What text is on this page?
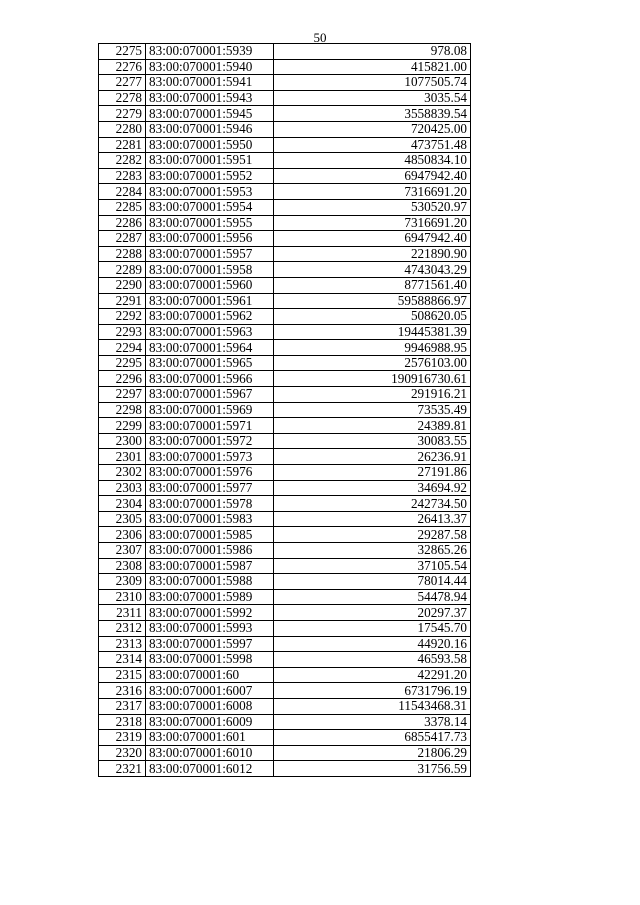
50
2275	83:00:070001:5939	978.08
2276	83:00:070001:5940	415821.00
2277	83:00:070001:5941	1077505.74
2278	83:00:070001:5943	3035.54
2279	83:00:070001:5945	3558839.54
2280	83:00:070001:5946	720425.00
2281	83:00:070001:5950	473751.48
2282	83:00:070001:5951	4850834.10
2283	83:00:070001:5952	6947942.40
2284	83:00:070001:5953	7316691.20
2285	83:00:070001:5954	530520.97
2286	83:00:070001:5955	7316691.20
2287	83:00:070001:5956	6947942.40
2288	83:00:070001:5957	221890.90
2289	83:00:070001:5958	4743043.29
2290	83:00:070001:5960	8771561.40
2291	83:00:070001:5961	59588866.97
2292	83:00:070001:5962	508620.05
2293	83:00:070001:5963	19445381.39
2294	83:00:070001:5964	9946988.95
2295	83:00:070001:5965	2576103.00
2296	83:00:070001:5966	190916730.61
2297	83:00:070001:5967	291916.21
2298	83:00:070001:5969	73535.49
2299	83:00:070001:5971	24389.81
2300	83:00:070001:5972	30083.55
2301	83:00:070001:5973	26236.91
2302	83:00:070001:5976	27191.86
2303	83:00:070001:5977	34694.92
2304	83:00:070001:5978	242734.50
2305	83:00:070001:5983	26413.37
2306	83:00:070001:5985	29287.58
2307	83:00:070001:5986	32865.26
2308	83:00:070001:5987	37105.54
2309	83:00:070001:5988	78014.44
2310	83:00:070001:5989	54478.94
2311	83:00:070001:5992	20297.37
2312	83:00:070001:5993	17545.70
2313	83:00:070001:5997	44920.16
2314	83:00:070001:5998	46593.58
2315	83:00:070001:60	42291.20
2316	83:00:070001:6007	6731796.19
2317	83:00:070001:6008	11543468.31
2318	83:00:070001:6009	3378.14
2319	83:00:070001:601	6855417.73
2320	83:00:070001:6010	21806.29
2321	83:00:070001:6012	31756.59
